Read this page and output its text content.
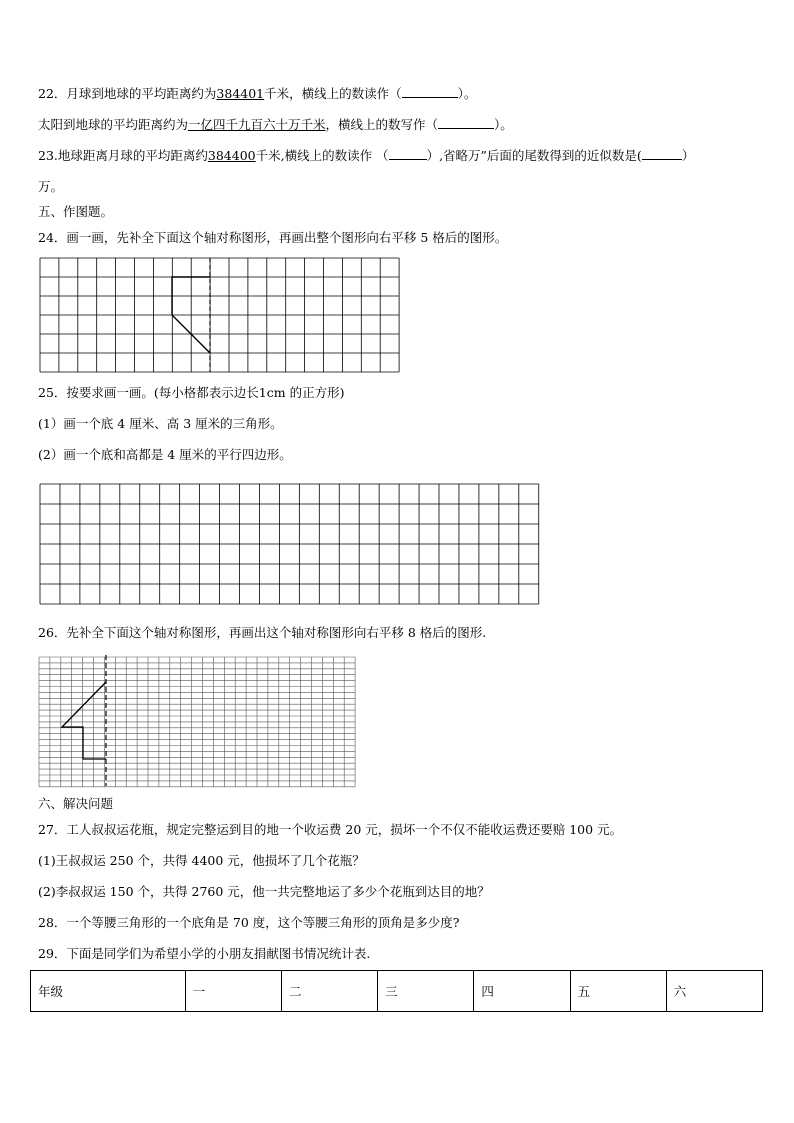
22．月球到地球的平均距离约为384401千米，横线上的数读作（	）。
太阳到地球的平均距离约为一亿四千九百六十万千米，横线上的数写作（	）。
23.地球距离月球的平均距离约384400千米,横线上的数读作 （	）,省略万”后面的尾数得到的近似数是(	）
万。
五、作图题。
24．画一画，先补全下面这个轴对称图形，再画出整个图形向右平移 5 格后的图形。
25．按要求画一画。(每小格都表示边长1cm 的正方形)
(1）画一个底 4 厘米、高 3 厘米的三角形。
(2）画一个底和高都是 4 厘米的平行四边形。
26．先补全下面这个轴对称图形，再画出这个轴对称图形向右平移 8 格后的图形.
六、解决问题
27．工人叔叔运花瓶，规定完整运到目的地一个收运费 20 元，损坏一个不仅不能收运费还要赔 100 元。
(1)王叔叔运 250 个，共得 4400 元，他损坏了几个花瓶？
(2)李叔叔运 150 个，共得 2760 元，他一共完整地运了多少个花瓶到达目的地？
28．一个等腰三角形的一个底角是 70 度，这个等腰三角形的顶角是多少度?
29．下面是同学们为希望小学的小朋友捐献图书情况统计表.
年级	一	二	三	四	五	六
